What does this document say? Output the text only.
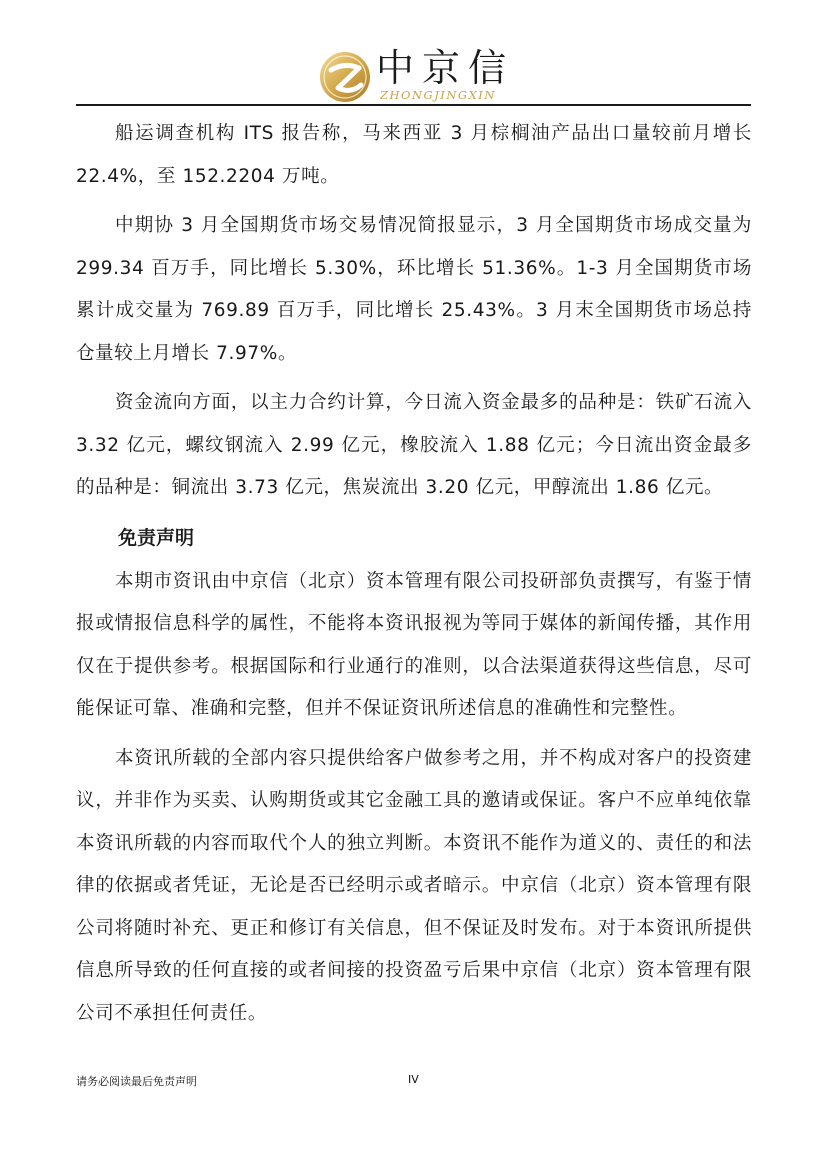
中京信
ZHONGJINGXIN

船运调查机构 ITS 报告称，马来西亚 3 月棕榈油产品出口量较前月增长 22.4%，至 152.2204 万吨。

中期协 3 月全国期货市场交易情况简报显示，3 月全国期货市场成交量为 299.34 百万手，同比增长 5.30%，环比增长 51.36%。1-3 月全国期货市场累计成交量为 769.89 百万手，同比增长 25.43%。3 月末全国期货市场总持仓量较上月增长 7.97%。

资金流向方面，以主力合约计算，今日流入资金最多的品种是：铁矿石流入 3.32 亿元，螺纹钢流入 2.99 亿元，橡胶流入 1.88 亿元；今日流出资金最多的品种是：铜流出 3.73 亿元，焦炭流出 3.20 亿元，甲醇流出 1.86 亿元。

免责声明

本期市资讯由中京信（北京）资本管理有限公司投研部负责撰写，有鉴于情报或情报信息科学的属性，不能将本资讯报视为等同于媒体的新闻传播，其作用仅在于提供参考。根据国际和行业通行的准则，以合法渠道获得这些信息，尽可能保证可靠、准确和完整，但并不保证资讯所述信息的准确性和完整性。

本资讯所载的全部内容只提供给客户做参考之用，并不构成对客户的投资建议，并非作为买卖、认购期货或其它金融工具的邀请或保证。客户不应单纯依靠本资讯所载的内容而取代个人的独立判断。本资讯不能作为道义的、责任的和法律的依据或者凭证，无论是否已经明示或者暗示。中京信（北京）资本管理有限公司将随时补充、更正和修订有关信息，但不保证及时发布。对于本资讯所提供信息所导致的任何直接的或者间接的投资盈亏后果中京信（北京）资本管理有限公司不承担任何责任。

请务必阅读最后免责声明	IV
